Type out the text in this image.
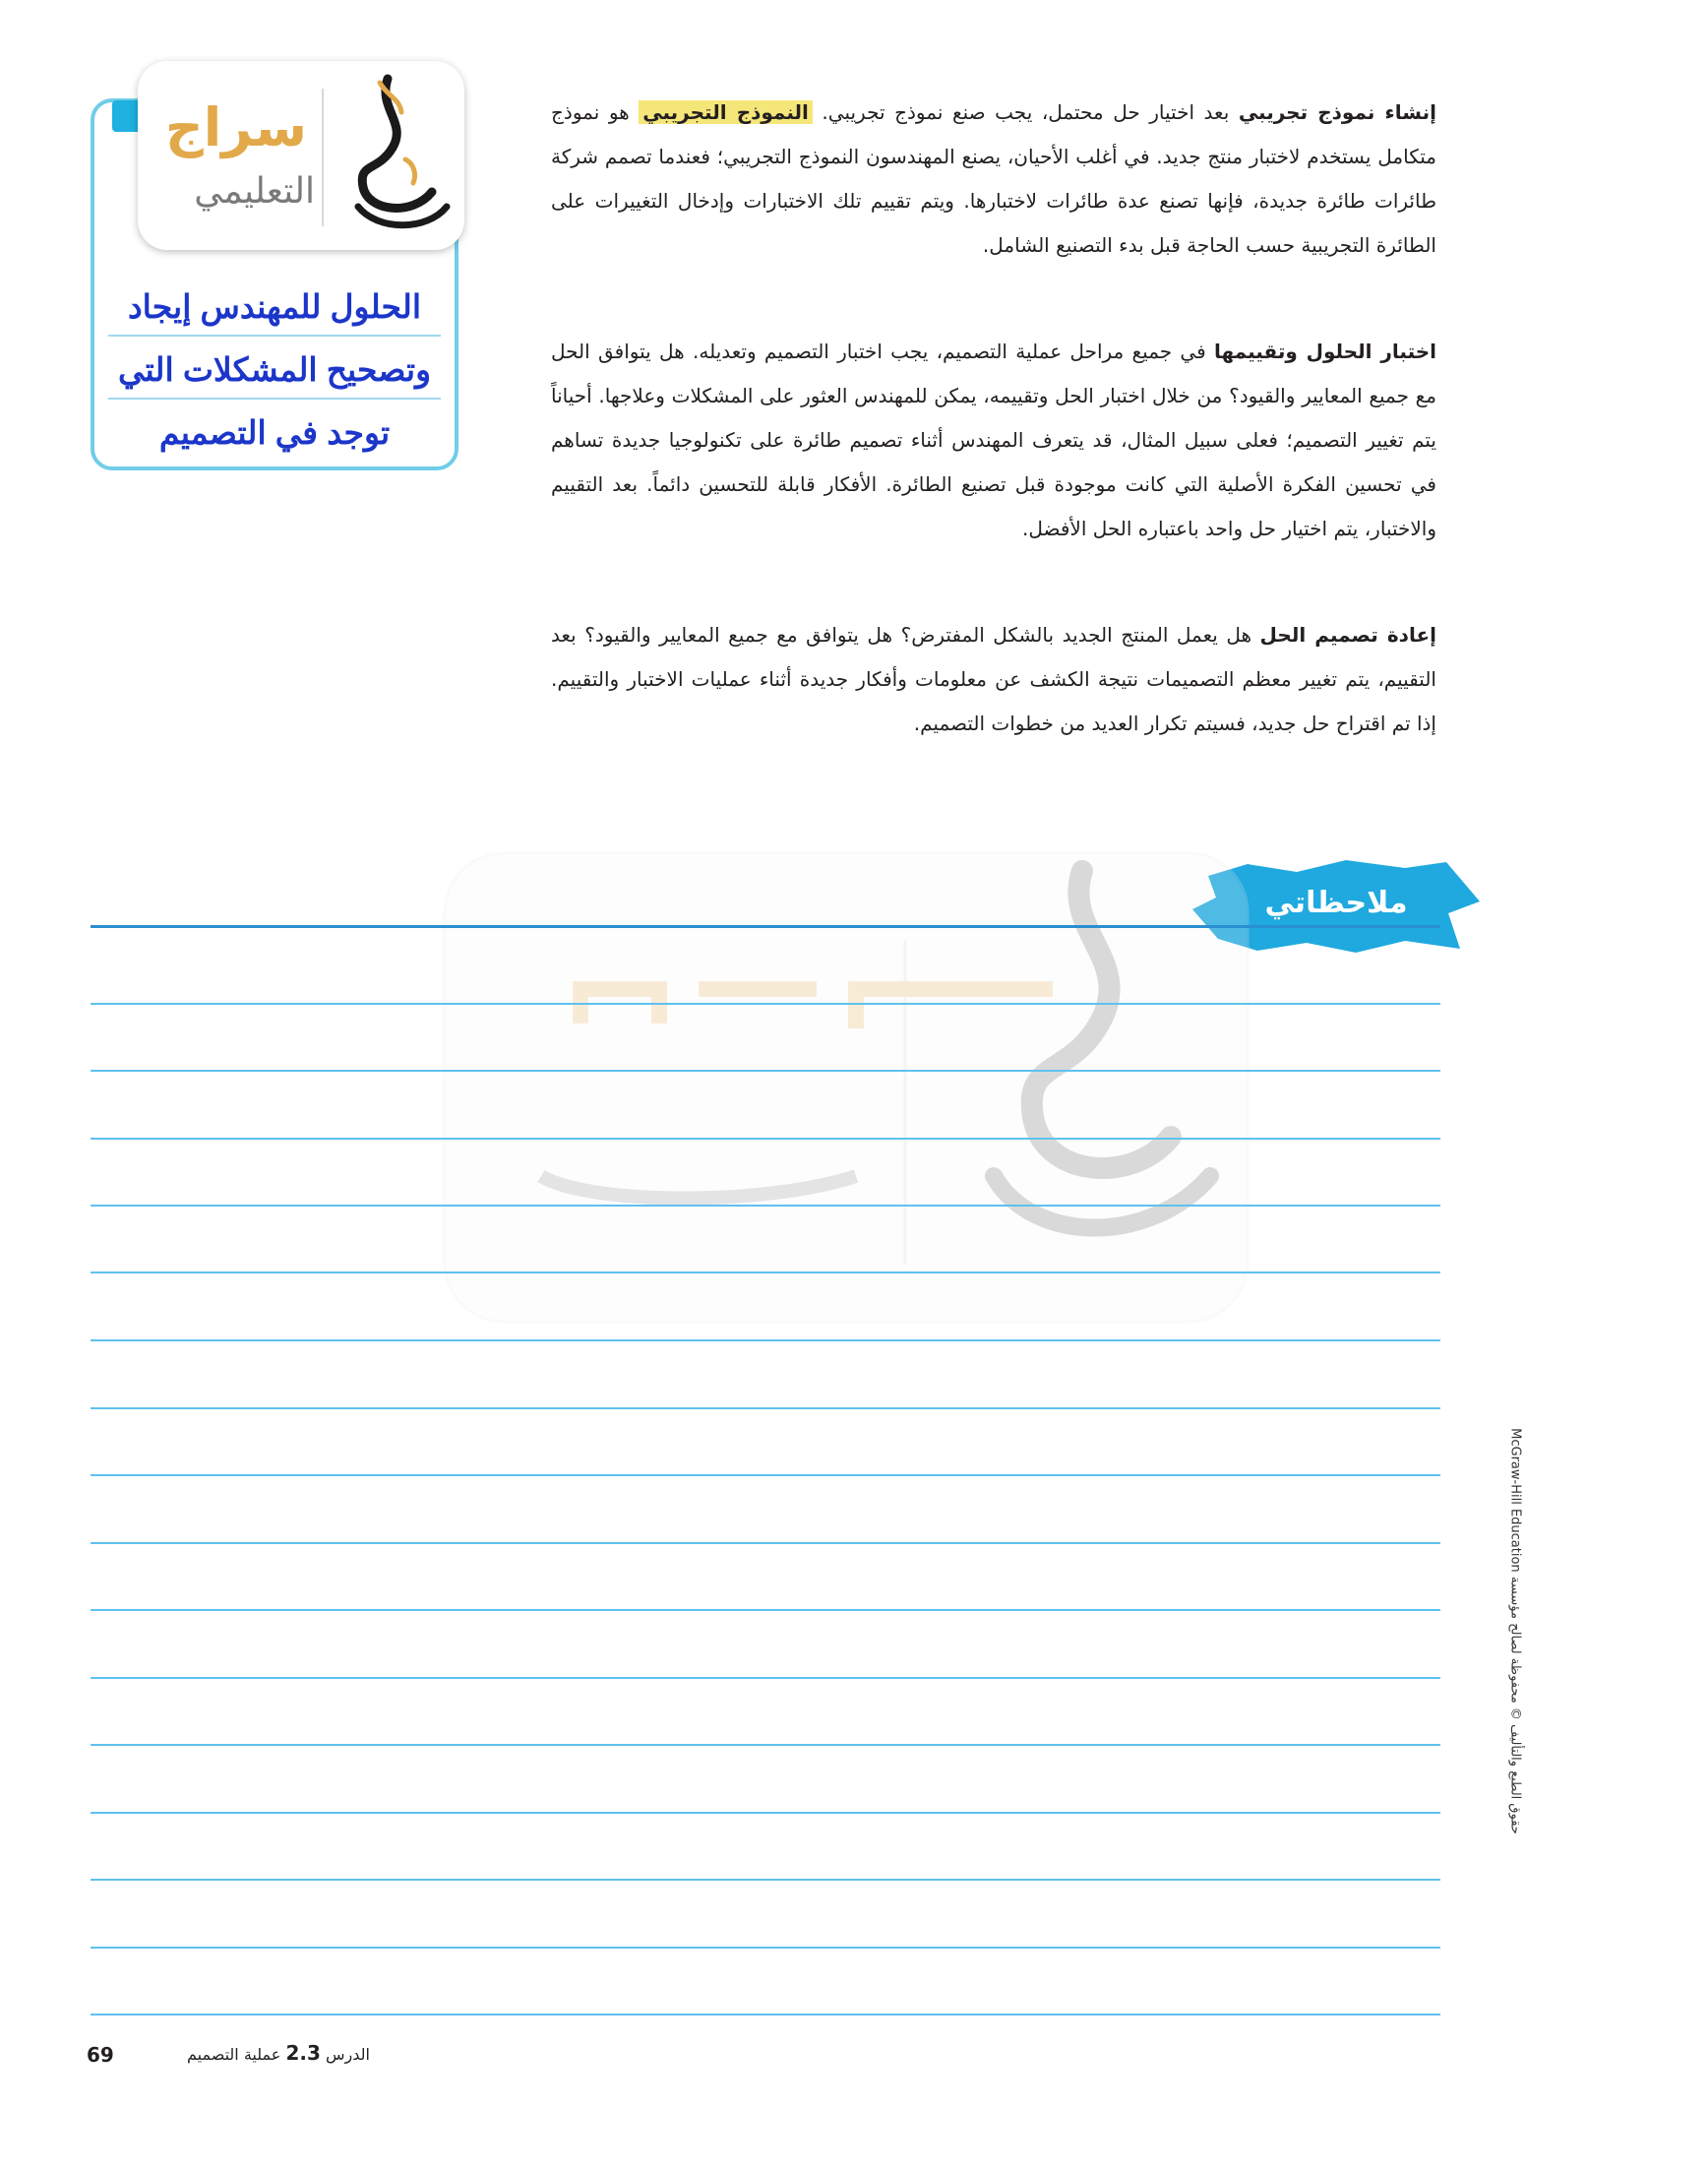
إنشاء نموذج تجريبي بعد اختيار حل محتمل، يجب صنع نموذج تجريبي. النموذج التجريبي هو نموذج متكامل يستخدم لاختبار منتج جديد. في أغلب الأحيان، يصنع المهندسون النموذج التجريبي؛ فعندما تصمم شركة طائرات طائرة جديدة، فإنها تصنع عدة طائرات لاختبارها. ويتم تقييم تلك الاختبارات وإدخال التغييرات على الطائرة التجريبية حسب الحاجة قبل بدء التصنيع الشامل.
اختبار الحلول وتقييمها في جميع مراحل عملية التصميم، يجب اختبار التصميم وتعديله. هل يتوافق الحل مع جميع المعايير والقيود؟ من خلال اختبار الحل وتقييمه، يمكن للمهندس العثور على المشكلات وعلاجها. أحياناً يتم تغيير التصميم؛ فعلى سبيل المثال، قد يتعرف المهندس أثناء تصميم طائرة على تكنولوجيا جديدة تساهم في تحسين الفكرة الأصلية التي كانت موجودة قبل تصنيع الطائرة. الأفكار قابلة للتحسين دائماً. بعد التقييم والاختبار، يتم اختيار حل واحد باعتباره الحل الأفضل.
إعادة تصميم الحل هل يعمل المنتج الجديد بالشكل المفترض؟ هل يتوافق مع جميع المعايير والقيود؟ بعد التقييم، يتم تغيير معظم التصميمات نتيجة الكشف عن معلومات وأفكار جديدة أثناء عمليات الاختبار والتقييم. إذا تم اقتراح حل جديد، فسيتم تكرار العديد من خطوات التصميم.
الحلول للمهندس إيجاد
وتصحيح المشكلات التي
توجد في التصميم
سراج
التعليمي
ملاحظاتي
حقوق الطبع والتأليف © محفوظة لصالح مؤسسة McGraw-Hill Education
69	الدرس 2.3 عملية التصميم
